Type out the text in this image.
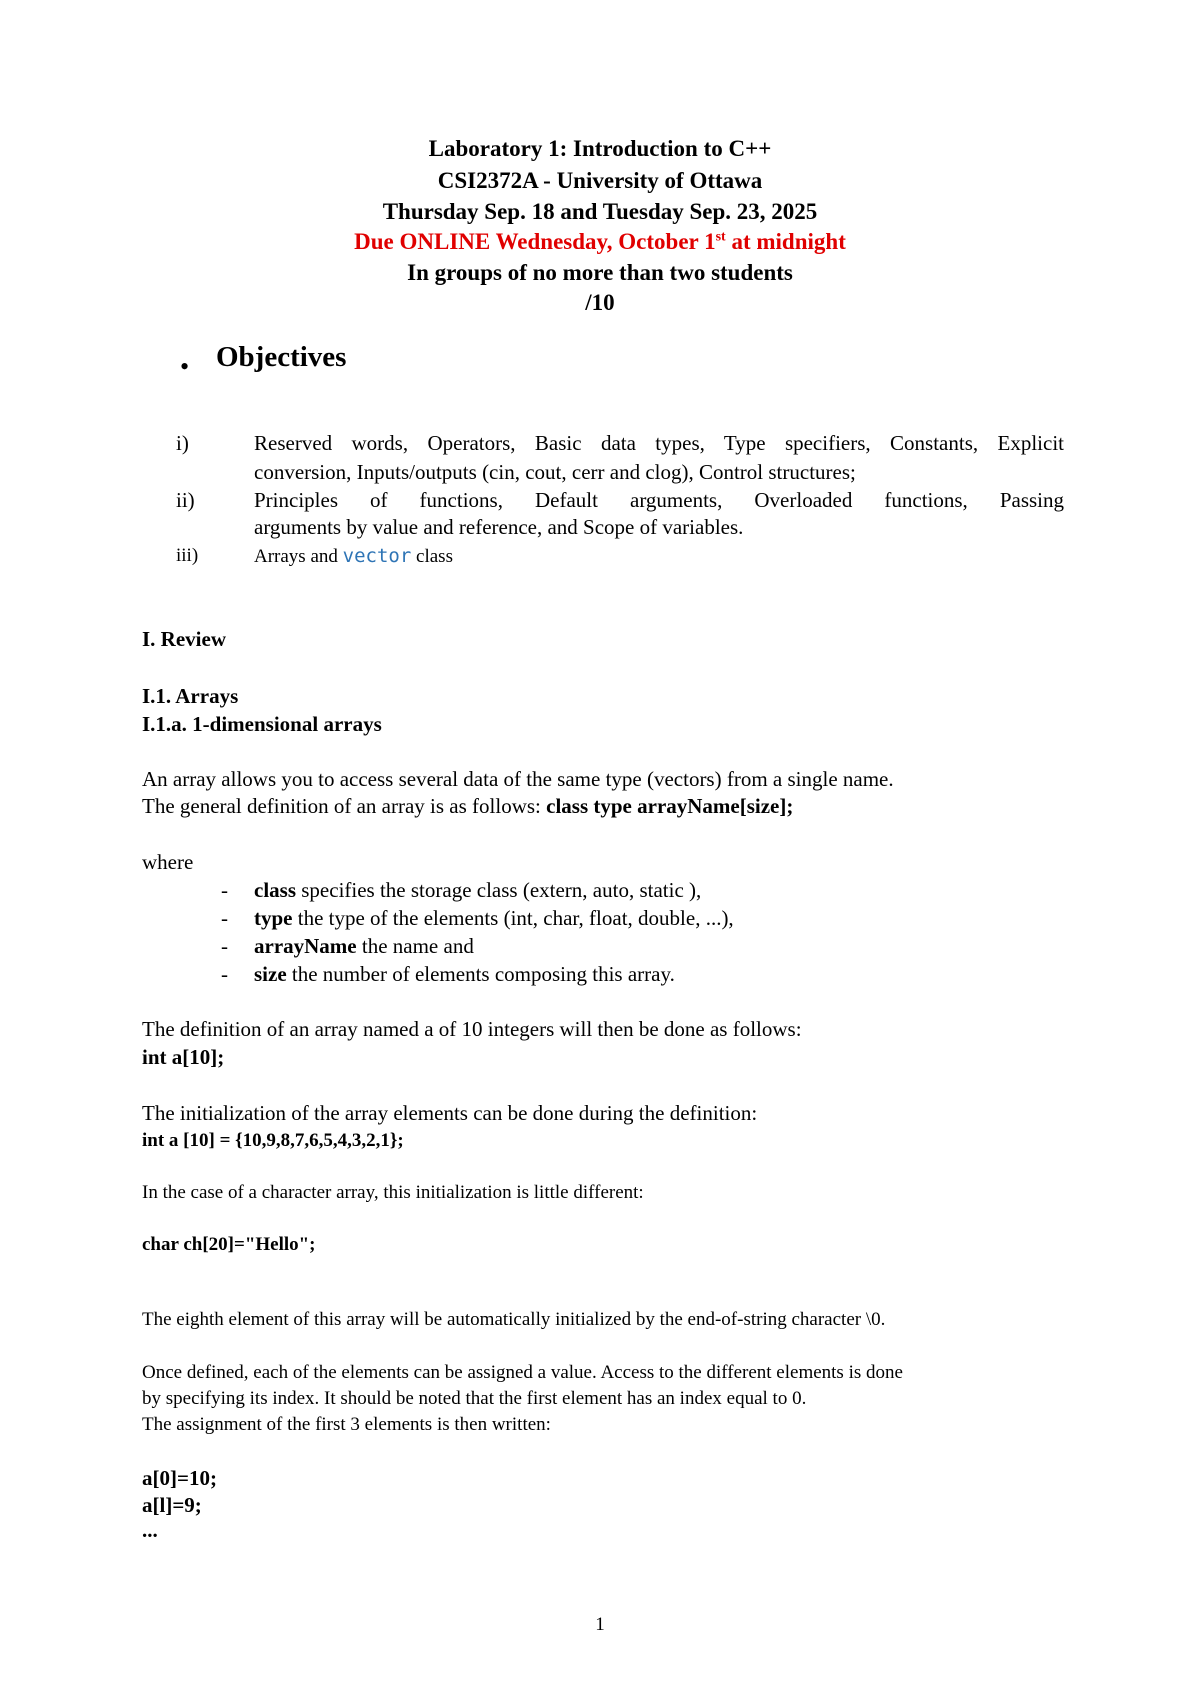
Laboratory 1: Introduction to C++
CSI2372A - University of Ottawa
Thursday Sep. 18 and Tuesday Sep. 23, 2025
Due ONLINE Wednesday, October 1st at midnight
In groups of no more than two students
/10
• Objectives
i)	Reserved words, Operators, Basic data types, Type specifiers, Constants, Explicit
conversion, Inputs/outputs (cin, cout, cerr and clog), Control structures;
ii)	Principles of functions, Default arguments, Overloaded functions, Passing
arguments by value and reference, and Scope of variables.
iii)	Arrays and vector class
I. Review
I.1. Arrays
I.1.a. 1-dimensional arrays
An array allows you to access several data of the same type (vectors) from a single name.
The general definition of an array is as follows: class type arrayName[size];
where
- class specifies the storage class (extern, auto, static ),
- type the type of the elements (int, char, float, double, ...),
- arrayName the name and
- size the number of elements composing this array.
The definition of an array named a of 10 integers will then be done as follows:
int a[10];
The initialization of the array elements can be done during the definition:
int a [10] = {10,9,8,7,6,5,4,3,2,1};
In the case of a character array, this initialization is little different:
char ch[20]="Hello";
The eighth element of this array will be automatically initialized by the end-of-string character \0.
Once defined, each of the elements can be assigned a value. Access to the different elements is done
by specifying its index. It should be noted that the first element has an index equal to 0.
The assignment of the first 3 elements is then written:
a[0]=10;
a[l]=9;
...
1
